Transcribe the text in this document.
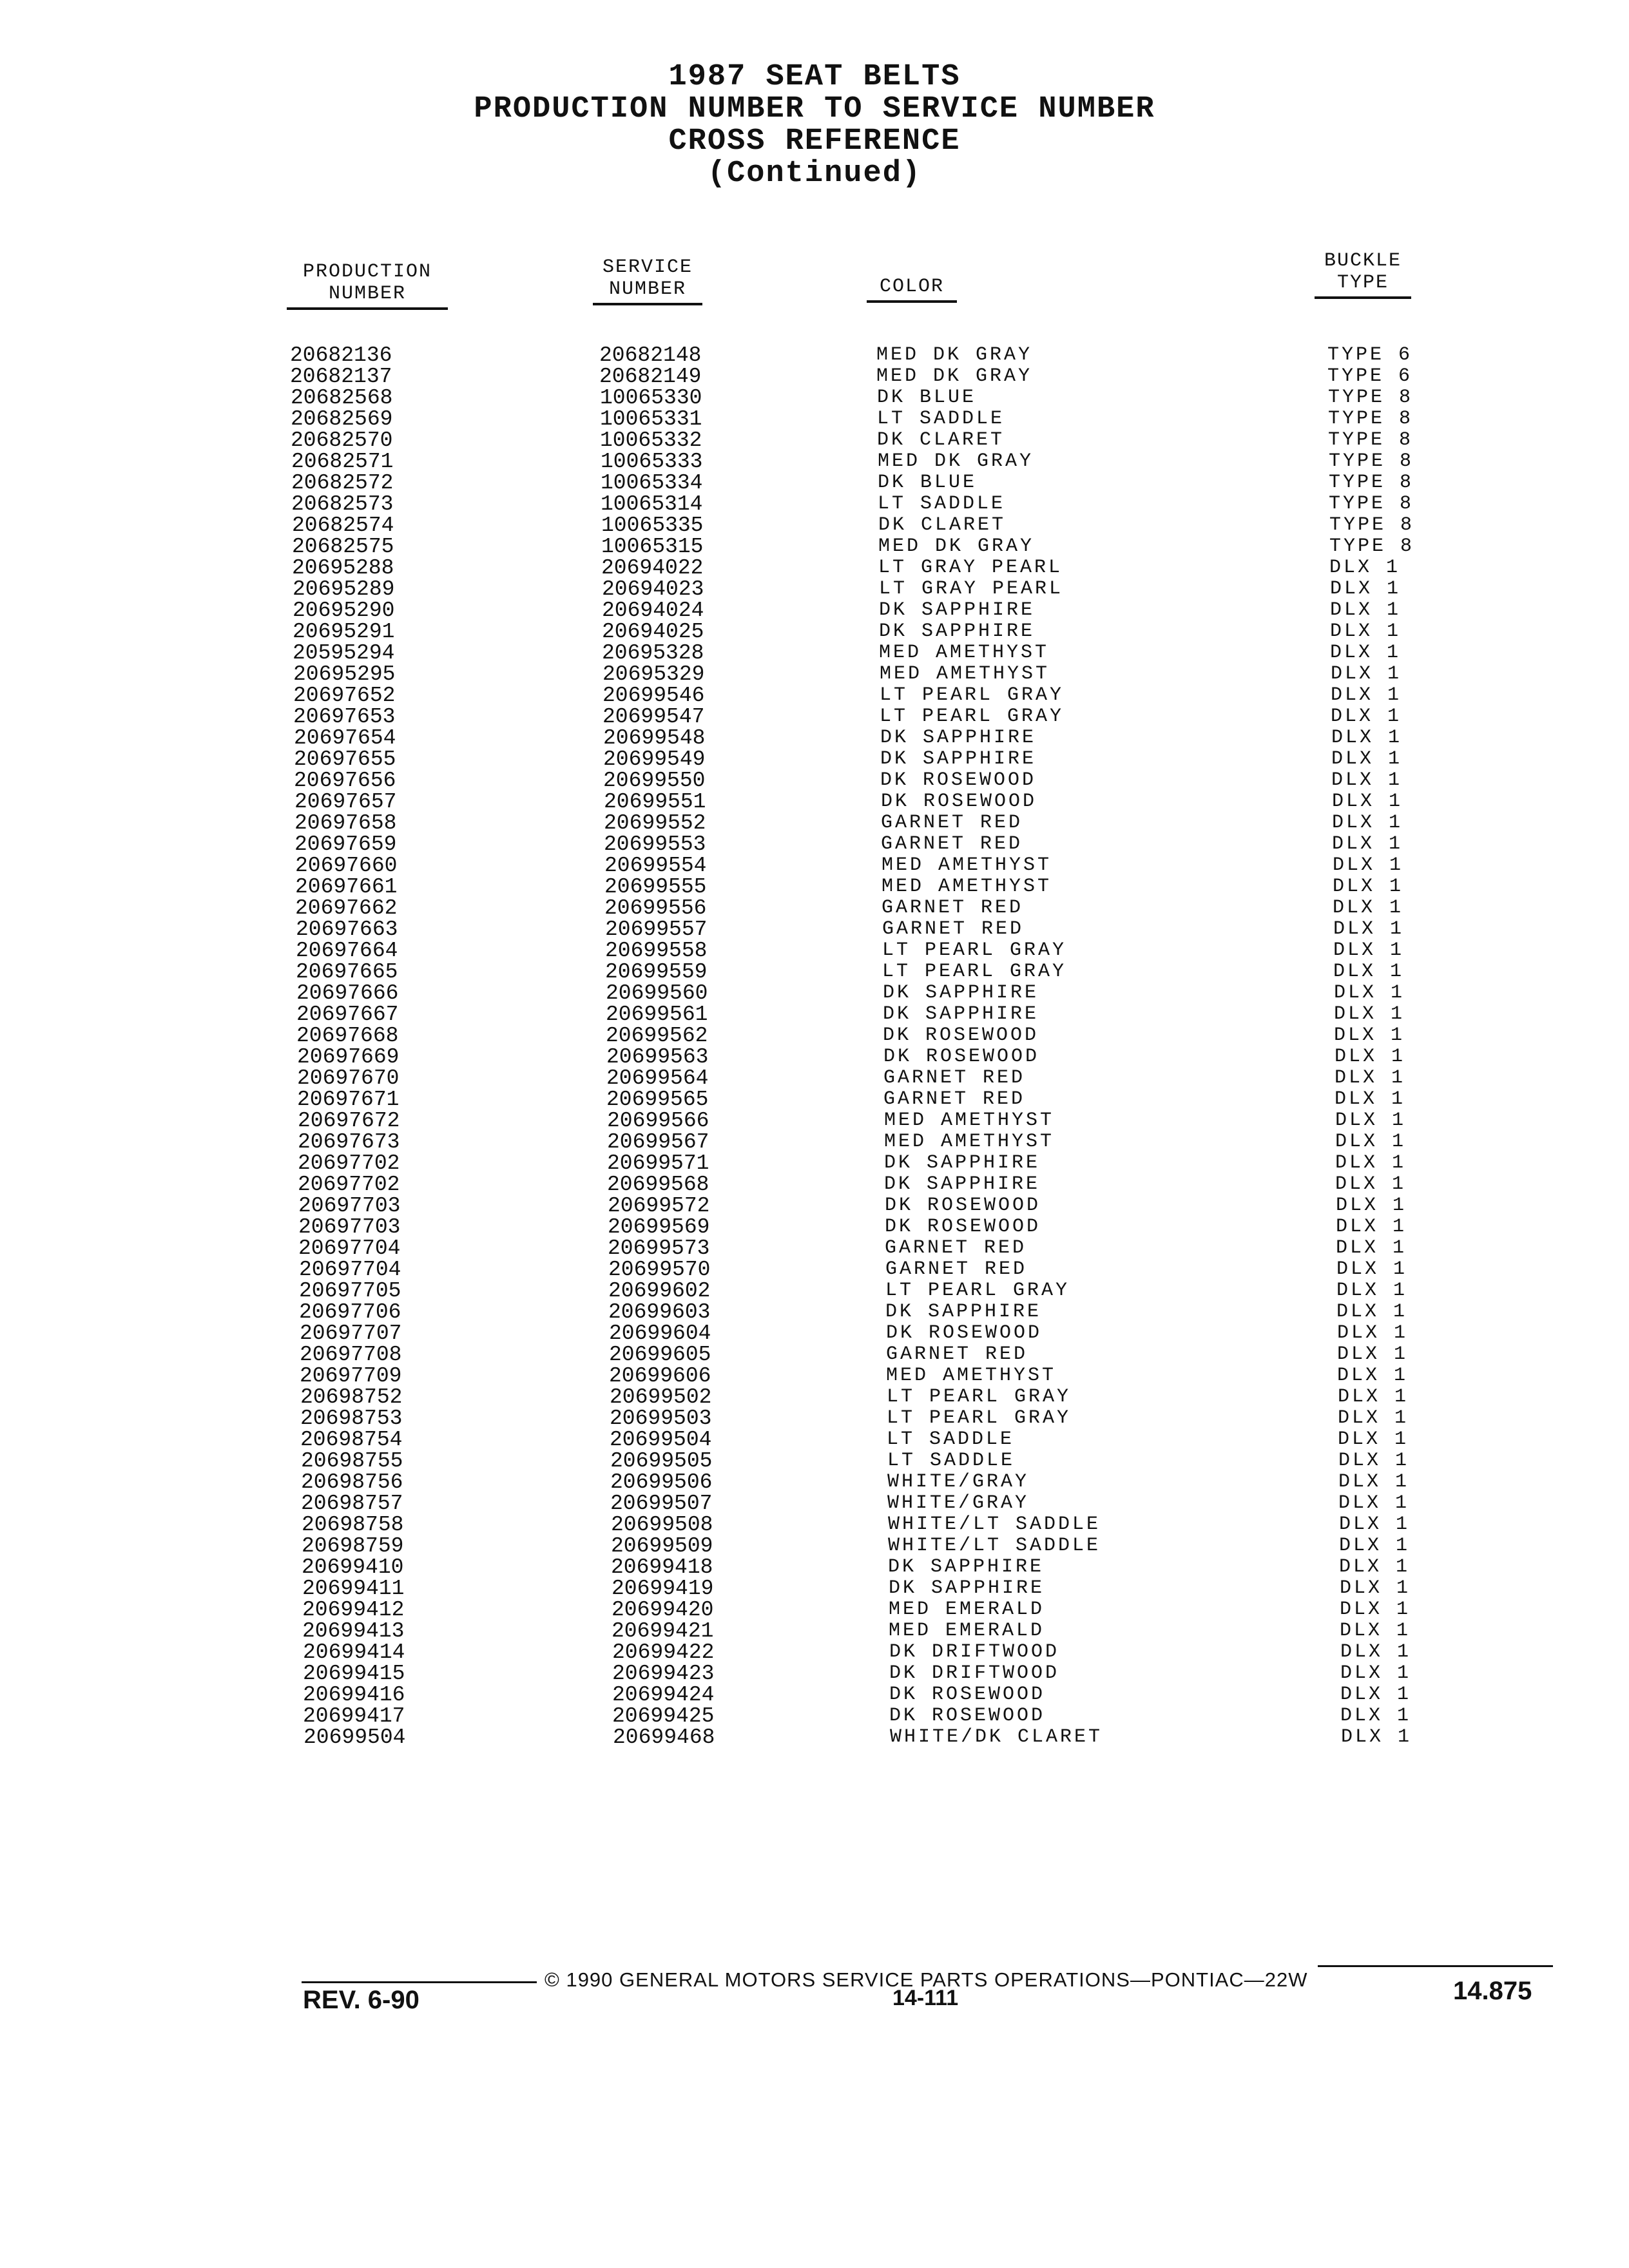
1987 SEAT BELTS
PRODUCTION NUMBER TO SERVICE NUMBER
CROSS REFERENCE
(Continued)
PRODUCTION
NUMBER
SERVICE
NUMBER	COLOR
BUCKLE
TYPE
20682136	20682148	MED DK GRAY	TYPE 6
20682137	20682149	MED DK GRAY	TYPE 6
20682568	10065330	DK BLUE	TYPE 8
20682569	10065331	LT SADDLE	TYPE 8
20682570	10065332	DK CLARET	TYPE 8
20682571	10065333	MED DK GRAY	TYPE 8
20682572	10065334	DK BLUE	TYPE 8
20682573	10065314	LT SADDLE	TYPE 8
20682574	10065335	DK CLARET	TYPE 8
20682575	10065315	MED DK GRAY	TYPE 8
20695288	20694022	LT GRAY PEARL	DLX 1
20695289	20694023	LT GRAY PEARL	DLX 1
20695290	20694024	DK SAPPHIRE	DLX 1
20695291	20694025	DK SAPPHIRE	DLX 1
20595294	20695328	MED AMETHYST	DLX 1
20695295	20695329	MED AMETHYST	DLX 1
20697652	20699546	LT PEARL GRAY	DLX 1
20697653	20699547	LT PEARL GRAY	DLX 1
20697654	20699548	DK SAPPHIRE	DLX 1
20697655	20699549	DK SAPPHIRE	DLX 1
20697656	20699550	DK ROSEWOOD	DLX 1
20697657	20699551	DK ROSEWOOD	DLX 1
20697658	20699552	GARNET RED	DLX 1
20697659	20699553	GARNET RED	DLX 1
20697660	20699554	MED AMETHYST	DLX 1
20697661	20699555	MED AMETHYST	DLX 1
20697662	20699556	GARNET RED	DLX 1
20697663	20699557	GARNET RED	DLX 1
20697664	20699558	LT PEARL GRAY	DLX 1
20697665	20699559	LT PEARL GRAY	DLX 1
20697666	20699560	DK SAPPHIRE	DLX 1
20697667	20699561	DK SAPPHIRE	DLX 1
20697668	20699562	DK ROSEWOOD	DLX 1
20697669	20699563	DK ROSEWOOD	DLX 1
20697670	20699564	GARNET RED	DLX 1
20697671	20699565	GARNET RED	DLX 1
20697672	20699566	MED AMETHYST	DLX 1
20697673	20699567	MED AMETHYST	DLX 1
20697702	20699571	DK SAPPHIRE	DLX 1
20697702	20699568	DK SAPPHIRE	DLX 1
20697703	20699572	DK ROSEWOOD	DLX 1
20697703	20699569	DK ROSEWOOD	DLX 1
20697704	20699573	GARNET RED	DLX 1
20697704	20699570	GARNET RED	DLX 1
20697705	20699602	LT PEARL GRAY	DLX 1
20697706	20699603	DK SAPPHIRE	DLX 1
20697707	20699604	DK ROSEWOOD	DLX 1
20697708	20699605	GARNET RED	DLX 1
20697709	20699606	MED AMETHYST	DLX 1
20698752	20699502	LT PEARL GRAY	DLX 1
20698753	20699503	LT PEARL GRAY	DLX 1
20698754	20699504	LT SADDLE	DLX 1
20698755	20699505	LT SADDLE	DLX 1
20698756	20699506	WHITE/GRAY	DLX 1
20698757	20699507	WHITE/GRAY	DLX 1
20698758	20699508	WHITE/LT SADDLE	DLX 1
20698759	20699509	WHITE/LT SADDLE	DLX 1
20699410	20699418	DK SAPPHIRE	DLX 1
20699411	20699419	DK SAPPHIRE	DLX 1
20699412	20699420	MED EMERALD	DLX 1
20699413	20699421	MED EMERALD	DLX 1
20699414	20699422	DK DRIFTWOOD	DLX 1
20699415	20699423	DK DRIFTWOOD	DLX 1
20699416	20699424	DK ROSEWOOD	DLX 1
20699417	20699425	DK ROSEWOOD	DLX 1
20699504	20699468	WHITE/DK CLARET	DLX 1
© 1990 GENERAL MOTORS SERVICE PARTS OPERATIONS—PONTIAC—22W
REV. 6-90	14-111	14.875
